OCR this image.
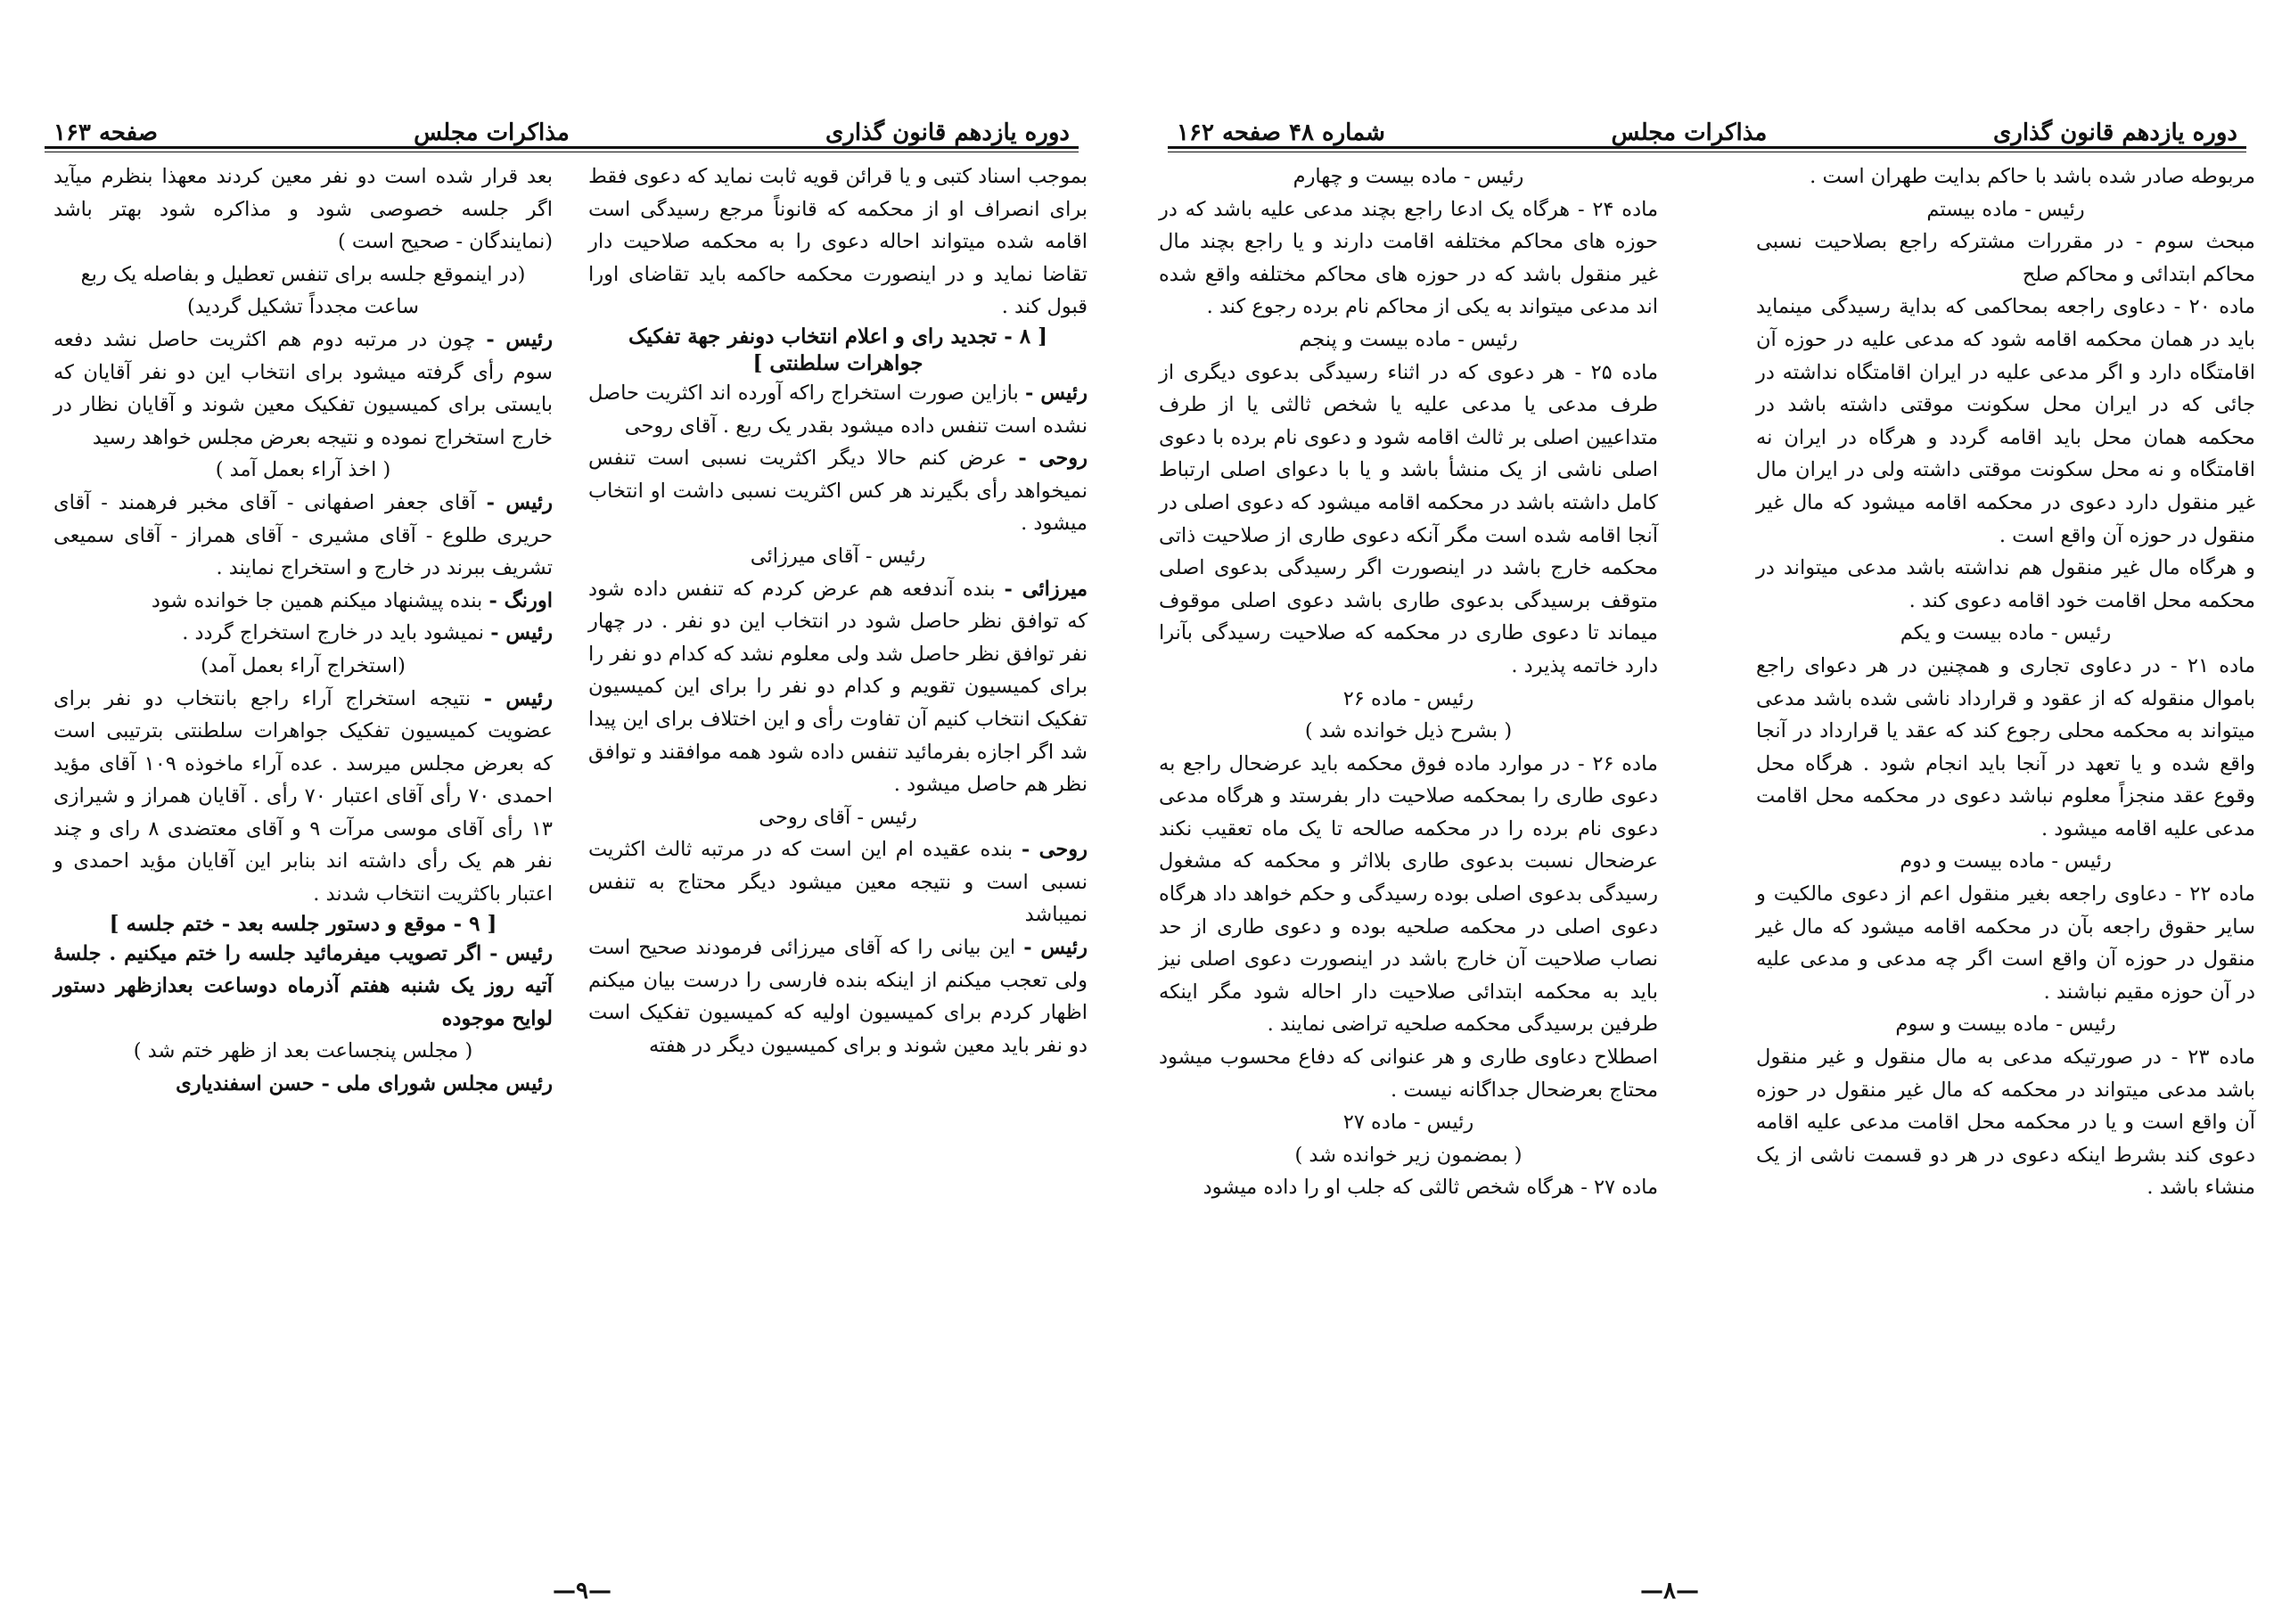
دوره یازدهم قانون گذاری
مذاکرات مجلس
صفحه ۱۶۳

بموجب اسناد کتبی و یا قرائن قویه ثابت نماید که دعوی فقط برای انصراف او از محکمه که قانوناً مرجع رسیدگی است اقامه شده میتواند احاله دعوی را به محکمه صلاحیت دار تقاضا نماید و در اینصورت محکمه حاکمه باید تقاضای اورا قبول کند .

[ ۸ - تجدید رای و اعلام انتخاب دونفر جهة تفکیک جواهرات سلطنتی ]

رئیس - بازاین صورت استخراج راکه آورده اند اکثریت حاصل نشده است تنفس داده میشود بقدر یک ربع . آقای روحی

روحی - عرض کنم حالا دیگر اکثریت نسبی است تنفس نمیخواهد رأی بگیرند هر کس اکثریت نسبی داشت او انتخاب میشود .

رئیس - آقای میرزائی

میرزائی - بنده آندفعه هم عرض کردم که تنفس داده شود که توافق نظر حاصل شود در انتخاب این دو نفر . در چهار نفر توافق نظر حاصل شد ولی معلوم نشد که کدام دو نفر را برای کمیسیون تقویم و کدام دو نفر را برای این کمیسیون تفکیک انتخاب کنیم آن تفاوت رأی و این اختلاف برای این پیدا شد اگر اجازه بفرمائید تنفس داده شود همه موافقند و توافق نظر هم حاصل میشود .

رئیس - آقای روحی

روحی - بنده عقیده ام این است که در مرتبه ثالث اکثریت نسبی است و نتیجه معین میشود دیگر محتاج به تنفس نمیباشد

رئیس - این بیانی را که آقای میرزائی فرمودند صحیح است ولی تعجب میکنم از اینکه بنده فارسی را درست بیان میکنم اظهار کردم برای کمیسیون اولیه که کمیسیون تفکیک است دو نفر باید معین شوند و برای کمیسیون دیگر در هفته

بعد قرار شده است دو نفر معین کردند معهذا بنظرم میآید اگر جلسه خصوصی شود و مذاکره شود بهتر باشد (نمایندگان - صحیح است )

(در اینموقع جلسه برای تنفس تعطیل و بفاصله یک ربع ساعت مجدداً تشکیل گردید)

رئیس - چون در مرتبه دوم هم اکثریت حاصل نشد دفعه سوم رأی گرفته میشود برای انتخاب این دو نفر آقایان که بایستی برای کمیسیون تفکیک معین شوند و آقایان نظار در خارج استخراج نموده و نتیجه بعرض مجلس خواهد رسید

( اخذ آراء بعمل آمد )

رئیس - آقای جعفر اصفهانی - آقای مخبر فرهمند - آقای حریری طلوع - آقای مشیری - آقای همراز - آقای سمیعی تشریف ببرند در خارج و استخراج نمایند .

اورنگ - بنده پیشنهاد میکنم همین جا خوانده شود

رئیس - نمیشود باید در خارج استخراج گردد .

(استخراج آراء بعمل آمد)

رئیس - نتیجه استخراج آراء راجع بانتخاب دو نفر برای عضویت کمیسیون تفکیک جواهرات سلطنتی بترتیبی است که بعرض مجلس میرسد . عده آراء ماخوذه ۱۰۹ آقای مؤید احمدی ۷۰ رأی آقای اعتبار ۷۰ رأی . آقایان همراز و شیرازی ۱۳ رأی آقای موسی مرآت ۹ و آقای معتضدی ۸ رای و چند نفر هم یک رأی داشته اند بنابر این آقایان مؤید احمدی و اعتبار باکثریت انتخاب شدند .

[ ۹ - موقع و دستور جلسه بعد - ختم جلسه ]

رئیس - اگر تصویب میفرمائید جلسه را ختم میکنیم . جلسهٔ آتیه روز یک شنبه هفتم آذرماه دوساعت بعدازظهر دستور لوایح موجوده

( مجلس پنجساعت بعد از ظهر ختم شد )

رئیس مجلس شورای ملی - حسن اسفندیاری

—۹—
دوره یازدهم قانون گذاری
مذاکرات مجلس
شماره ۴۸ صفحه ۱۶۲

مربوطه صادر شده باشد با حاکم بدایت طهران است .

رئیس - ماده بیستم

مبحث سوم - در مقررات مشترکه راجع بصلاحیت نسبی محاکم ابتدائی و محاکم صلح

ماده ۲۰ - دعاوی راجعه بمحاکمی که بدایة رسیدگی مینماید باید در همان محکمه اقامه شود که مدعی علیه در حوزه آن اقامتگاه دارد و اگر مدعی علیه در ایران اقامتگاه نداشته در جائی که در ایران محل سکونت موقتی داشته باشد در محکمه همان محل باید اقامه گردد و هرگاه در ایران نه اقامتگاه و نه محل سکونت موقتی داشته ولی در ایران مال غیر منقول دارد دعوی در محکمه اقامه میشود که مال غیر منقول در حوزه آن واقع است .

و هرگاه مال غیر منقول هم نداشته باشد مدعی میتواند در محکمه محل اقامت خود اقامه دعوی کند .

رئیس - ماده بیست و یکم

ماده ۲۱ - در دعاوی تجاری و همچنین در هر دعوای راجع باموال منقوله که از عقود و قرارداد ناشی شده باشد مدعی میتواند به محکمه محلی رجوع کند که عقد یا قرارداد در آنجا واقع شده و یا تعهد در آنجا باید انجام شود . هرگاه محل وقوع عقد منجزاً معلوم نباشد دعوی در محکمه محل اقامت مدعی علیه اقامه میشود .

رئیس - ماده بیست و دوم

ماده ۲۲ - دعاوی راجعه بغیر منقول اعم از دعوی مالکیت و سایر حقوق راجعه بآن در محکمه اقامه میشود که مال غیر منقول در حوزه آن واقع است اگر چه مدعی و مدعی علیه در آن حوزه مقیم نباشند .

رئیس - ماده بیست و سوم

ماده ۲۳ - در صورتیکه مدعی به مال منقول و غیر منقول باشد مدعی میتواند در محکمه که مال غیر منقول در حوزه آن واقع است و یا در محکمه محل اقامت مدعی علیه اقامه دعوی کند بشرط اینکه دعوی در هر دو قسمت ناشی از یک منشاء باشد .

رئیس - ماده بیست و چهارم

ماده ۲۴ - هرگاه یک ادعا راجع بچند مدعی علیه باشد که در حوزه های محاکم مختلفه اقامت دارند و یا راجع بچند مال غیر منقول باشد که در حوزه های محاکم مختلفه واقع شده اند مدعی میتواند به یکی از محاکم نام برده رجوع کند .

رئیس - ماده بیست و پنجم

ماده ۲۵ - هر دعوی که در اثناء رسیدگی بدعوی دیگری از طرف مدعی یا مدعی علیه یا شخص ثالثی یا از طرف متداعیین اصلی بر ثالث اقامه شود و دعوی نام برده با دعوی اصلی ناشی از یک منشأ باشد و یا با دعوای اصلی ارتباط کامل داشته باشد در محکمه اقامه میشود که دعوی اصلی در آنجا اقامه شده است مگر آنکه دعوی طاری از صلاحیت ذاتی محکمه خارج باشد در اینصورت اگر رسیدگی بدعوی اصلی متوقف برسیدگی بدعوی طاری باشد دعوی اصلی موقوف میماند تا دعوی طاری در محکمه که صلاحیت رسیدگی بآنرا دارد خاتمه پذیرد .

رئیس - ماده ۲۶

( بشرح ذیل خوانده شد )

ماده ۲۶ - در موارد ماده فوق محکمه باید عرضحال راجع به دعوی طاری را بمحکمه صلاحیت دار بفرستد و هرگاه مدعی دعوی نام برده را در محکمه صالحه تا یک ماه تعقیب نکند عرضحال نسبت بدعوی طاری بلااثر و محکمه که مشغول رسیدگی بدعوی اصلی بوده رسیدگی و حکم خواهد داد هرگاه دعوی اصلی در محکمه صلحیه بوده و دعوی طاری از حد نصاب صلاحیت آن خارج باشد در اینصورت دعوی اصلی نیز باید به محکمه ابتدائی صلاحیت دار احاله شود مگر اینکه طرفین برسیدگی محکمه صلحیه تراضی نمایند .

اصطلاح دعاوی طاری و هر عنوانی که دفاع محسوب میشود محتاج بعرضحال جداگانه نیست .

رئیس - ماده ۲۷

( بمضمون زیر خوانده شد )

ماده ۲۷ - هرگاه شخص ثالثی که جلب او را داده میشود

—۸—
